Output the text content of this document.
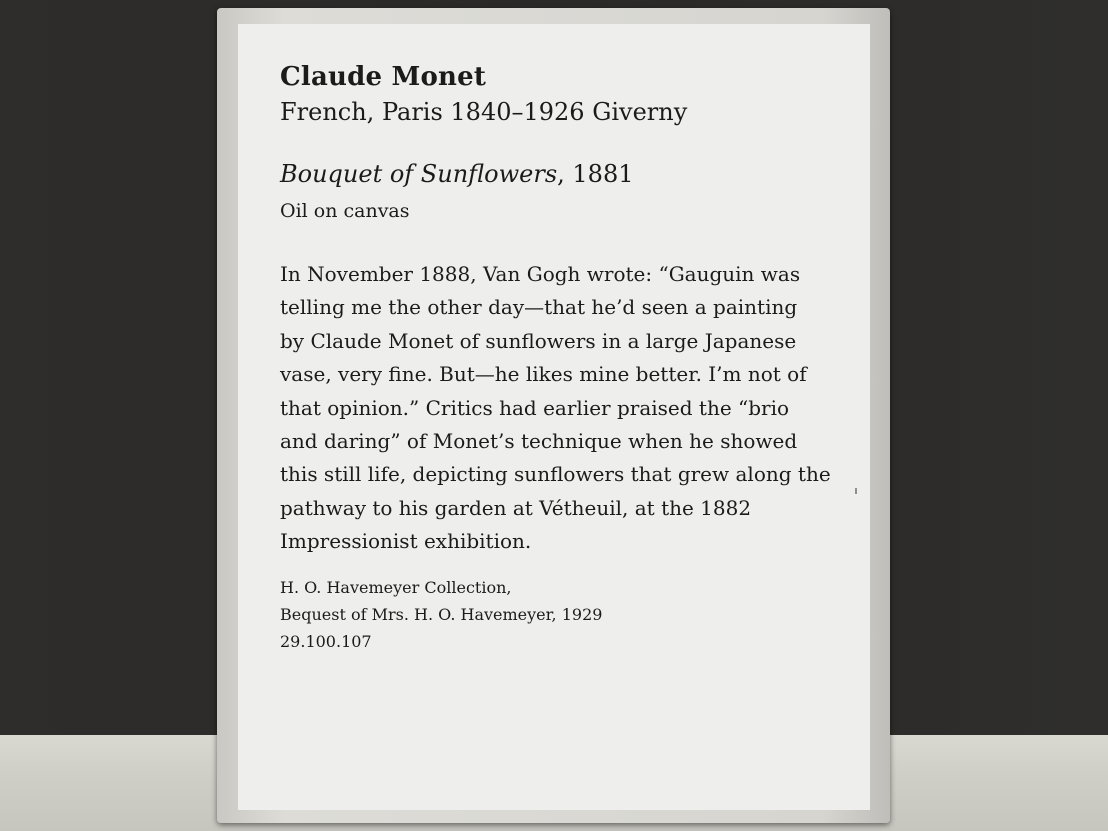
Claude Monet
French, Paris 1840–1926 Giverny
Bouquet of Sunflowers, 1881
Oil on canvas
In November 1888, Van Gogh wrote: “Gauguin was
telling me the other day—that he’d seen a painting
by Claude Monet of sunflowers in a large Japanese
vase, very fine. But—he likes mine better. I’m not of
that opinion.” Critics had earlier praised the “brio
and daring” of Monet’s technique when he showed
this still life, depicting sunflowers that grew along the
pathway to his garden at Vétheuil, at the 1882
Impressionist exhibition.
H. O. Havemeyer Collection,
Bequest of Mrs. H. O. Havemeyer, 1929
29.100.107
